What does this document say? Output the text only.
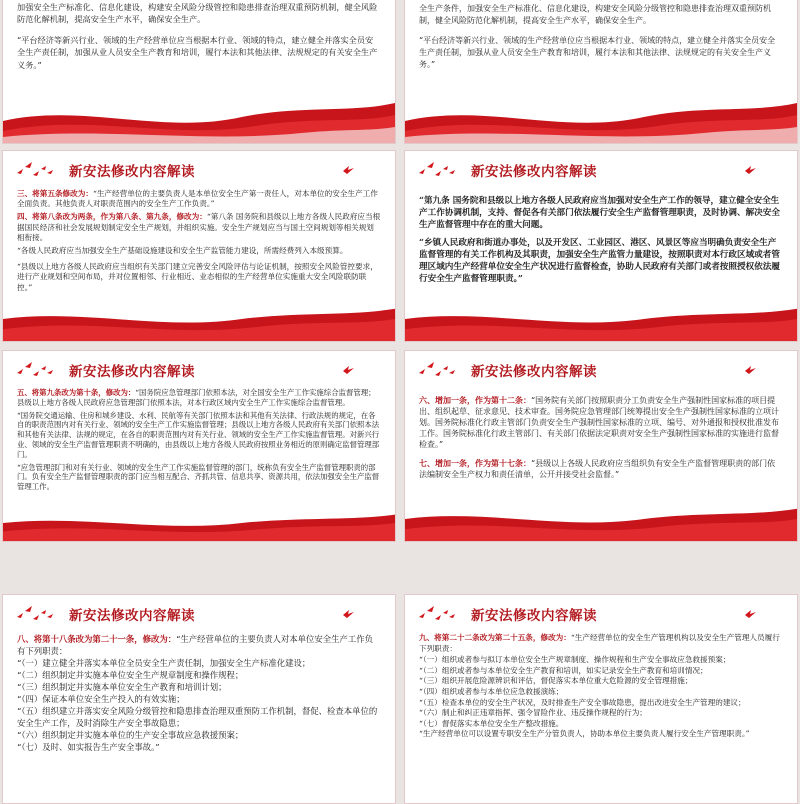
加强安全生产标准化、信息化建设，构建安全风险分级管控和隐患排查治理双重预防机制，健全风险防范化解机制，提高安全生产水平，确保安全生产。

“平台经济等新兴行业、领域的生产经营单位应当根据本行业、领域的特点，建立健全并落实全员安全生产责任制，加强从业人员安全生产教育和培训，履行本法和其他法律、法规规定的有关安全生产义务。”

全生产条件，加强安全生产标准化、信息化建设，构建安全风险分级管控和隐患排查治理双重预防机制，健全风险防范化解机制，提高安全生产水平，确保安全生产。

“平台经济等新兴行业、领域的生产经营单位应当根据本行业、领域的特点，建立健全并落实全员安全生产责任制，加强从业人员安全生产教育和培训，履行本法和其他法律、法规规定的有关安全生产义务。”

新安法修改内容解读

三、将第五条修改为：“生产经营单位的主要负责人是本单位安全生产第一责任人，对本单位的安全生产工作全面负责。其他负责人对职责范围内的安全生产工作负责。”

四、将第八条改为两条，作为第八条、第九条，修改为：“第八条 国务院和县级以上地方各级人民政府应当根据国民经济和社会发展规划制定安全生产规划，并组织实施。安全生产规划应当与国土空间规划等相关规划相衔接。

“各级人民政府应当加强安全生产基础设施建设和安全生产监管能力建设，所需经费列入本级预算。

“县级以上地方各级人民政府应当组织有关部门建立完善安全风险评估与论证机制，按照安全风险管控要求，进行产业规划和空间布局，并对位置相邻、行业相近、业态相似的生产经营单位实施重大安全风险联防联控。”

新安法修改内容解读

“第九条 国务院和县级以上地方各级人民政府应当加强对安全生产工作的领导，建立健全安全生产工作协调机制，支持、督促各有关部门依法履行安全生产监督管理职责，及时协调、解决安全生产监督管理中存在的重大问题。

“乡镇人民政府和街道办事处，以及开发区、工业园区、港区、风景区等应当明确负责安全生产监督管理的有关工作机构及其职责，加强安全生产监管力量建设，按照职责对本行政区域或者管理区域内生产经营单位安全生产状况进行监督检查，协助人民政府有关部门或者按照授权依法履行安全生产监督管理职责。”

新安法修改内容解读

五、将第九条改为第十条，修改为：“国务院应急管理部门依照本法，对全国安全生产工作实施综合监督管理；县级以上地方各级人民政府应急管理部门依照本法，对本行政区域内安全生产工作实施综合监督管理。

“国务院交通运输、住房和城乡建设、水利、民航等有关部门依照本法和其他有关法律、行政法规的规定，在各自的职责范围内对有关行业、领域的安全生产工作实施监督管理；县级以上地方各级人民政府有关部门依照本法和其他有关法律、法规的规定，在各自的职责范围内对有关行业、领域的安全生产工作实施监督管理。对新兴行业、领域的安全生产监督管理职责不明确的，由县级以上地方各级人民政府按照业务相近的原则确定监督管理部门。

“应急管理部门和对有关行业、领域的安全生产工作实施监督管理的部门，统称负有安全生产监督管理职责的部门。负有安全生产监督管理职责的部门应当相互配合、齐抓共管、信息共享、资源共用，依法加强安全生产监督管理工作。

新安法修改内容解读

六、增加一条，作为第十二条：“国务院有关部门按照职责分工负责安全生产强制性国家标准的项目提出、组织起草、征求意见、技术审查。国务院应急管理部门统筹提出安全生产强制性国家标准的立项计划。国务院标准化行政主管部门负责安全生产强制性国家标准的立项、编号、对外通报和授权批准发布工作。国务院标准化行政主管部门、有关部门依据法定职责对安全生产强制性国家标准的实施进行监督检查。”

七、增加一条，作为第十七条：“县级以上各级人民政府应当组织负有安全生产监督管理职责的部门依法编制安全生产权力和责任清单，公开并接受社会监督。”

新安法修改内容解读

八、将第十八条改为第二十一条，修改为：“生产经营单位的主要负责人对本单位安全生产工作负有下列职责：

“（一）建立健全并落实本单位全员安全生产责任制，加强安全生产标准化建设；

“（二）组织制定并实施本单位安全生产规章制度和操作规程；

“（三）组织制定并实施本单位安全生产教育和培训计划；

“（四）保证本单位安全生产投入的有效实施；

“（五）组织建立并落实安全风险分级管控和隐患排查治理双重预防工作机制，督促、检查本单位的安全生产工作，及时消除生产安全事故隐患；

“（六）组织制定并实施本单位的生产安全事故应急救援预案；

“（七）及时、如实报告生产安全事故。”

新安法修改内容解读

九、将第二十二条改为第二十五条，修改为：“生产经营单位的安全生产管理机构以及安全生产管理人员履行下列职责：

“（一）组织或者参与拟订本单位安全生产规章制度、操作规程和生产安全事故应急救援预案；

“（二）组织或者参与本单位安全生产教育和培训，如实记录安全生产教育和培训情况；

“（三）组织开展危险源辨识和评估，督促落实本单位重大危险源的安全管理措施；

“（四）组织或者参与本单位应急救援演练；

“（五）检查本单位的安全生产状况，及时排查生产安全事故隐患，提出改进安全生产管理的建议；

“（六）制止和纠正违章指挥、强令冒险作业、违反操作规程的行为；

“（七）督促落实本单位安全生产整改措施。

“生产经营单位可以设置专职安全生产分管负责人，协助本单位主要负责人履行安全生产管理职责。”
